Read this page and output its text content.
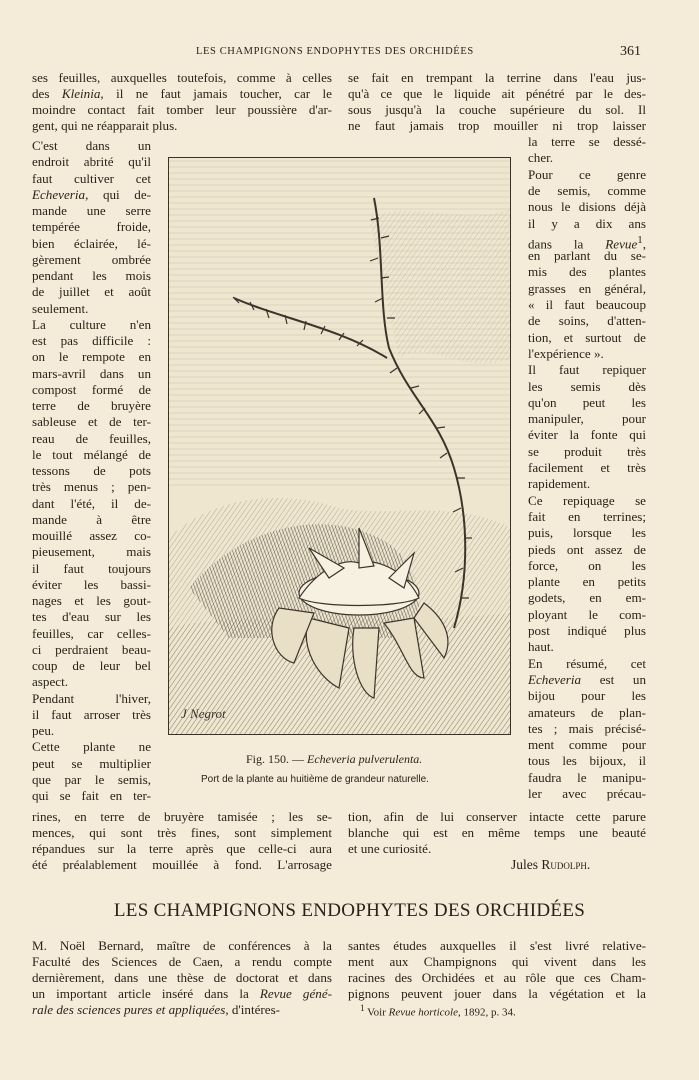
LES CHAMPIGNONS ENDOPHYTES DES ORCHIDÉES	361
ses feuilles, auxquelles toutefois, comme à celles
des Kleinia, il ne faut jamais toucher, car le
moindre contact fait tomber leur poussière d'ar-
gent, qui ne réapparait plus.
se fait en trempant la terrine dans l'eau jus-
qu'à ce que le liquide ait pénétré par le des-
sous jusqu'à la couche supérieure du sol. Il
ne faut jamais trop mouiller ni trop laisser
C'est dans un
endroit abrité qu'il
faut cultiver cet
Echeveria, qui de-
mande une serre
tempérée froide,
bien éclairée, lé-
gèrement ombrée
pendant les mois
de juillet et août
seulement.
La culture n'en
est pas difficile :
on le rempote en
mars-avril dans un
compost formé de
terre de bruyère
sableuse et de ter-
reau de feuilles,
le tout mélangé de
tessons de pots
très menus ; pen-
dant l'été, il de-
mande à être
mouillé assez co-
pieusement, mais
il faut toujours
éviter les bassi-
nages et les gout-
tes d'eau sur les
feuilles, car celles-
ci perdraient beau-
coup de leur bel
aspect.
Pendant l'hiver,
il faut arroser très
peu.
Cette plante ne
peut se multiplier
que par le semis,
qui se fait en ter-
la terre se dessé-
cher.
Pour ce genre
de semis, comme
nous le disions déjà
il y a dix ans
dans la Revue$^1$,
en parlant du se-
mis des plantes
grasses en général,
« il faut beaucoup
de soins, d'atten-
tion, et surtout de
l'expérience ».
Il faut repiquer
les semis dès
qu'on peut les
manipuler, pour
éviter la fonte qui
se produit très
facilement et très
rapidement.
Ce repiquage se
fait en terrines;
puis, lorsque les
pieds ont assez de
force, on les
plante en petits
godets, en em-
ployant le com-
post indiqué plus
haut.
En résumé, cet
Echeveria est un
bijou pour les
amateurs de plan-
tes ; mais précisé-
ment comme pour
tous les bijoux, il
faudra le manipu-
ler avec précau-
J Negrot
Fig. 150. — Echeveria pulverulenta.
Port de la plante au huitième de grandeur naturelle.
rines, en terre de bruyère tamisée ; les se-
mences, qui sont très fines, sont simplement
répandues sur la terre après que celle-ci aura
été préalablement mouillée à fond. L'arrosage
tion, afin de lui conserver intacte cette parure
blanche qui est en même temps une beauté
et une curiosité.
Jules Rudolph.
LES CHAMPIGNONS ENDOPHYTES DES ORCHIDÉES
M. Noël Bernard, maître de conférences à la
Faculté des Sciences de Caen, a rendu compte
dernièrement, dans une thèse de doctorat et dans
un important article inséré dans la Revue géné-
rale des sciences pures et appliquées, d'intéres-
santes études auxquelles il s'est livré relative-
ment aux Champignons qui vivent dans les
racines des Orchidées et au rôle que ces Cham-
pignons peuvent jouer dans la végétation et la
$^1$ Voir Revue horticole, 1892, p. 34.
